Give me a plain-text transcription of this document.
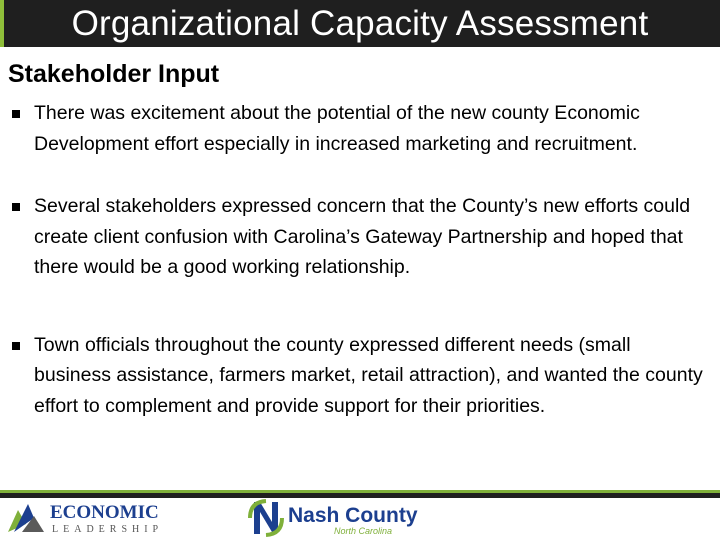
Organizational Capacity Assessment
Stakeholder Input
There was excitement about the potential of the new county Economic Development effort especially in increased marketing and recruitment.
Several stakeholders expressed concern that the County’s new efforts could create client confusion with Carolina’s Gateway Partnership and hoped that there would be a good working relationship.
Town officials throughout the county expressed different needs (small business assistance, farmers market, retail attraction), and wanted the county effort to complement and provide support for their priorities.
ECONOMIC
LEADERSHIP
Nash County
North Carolina
